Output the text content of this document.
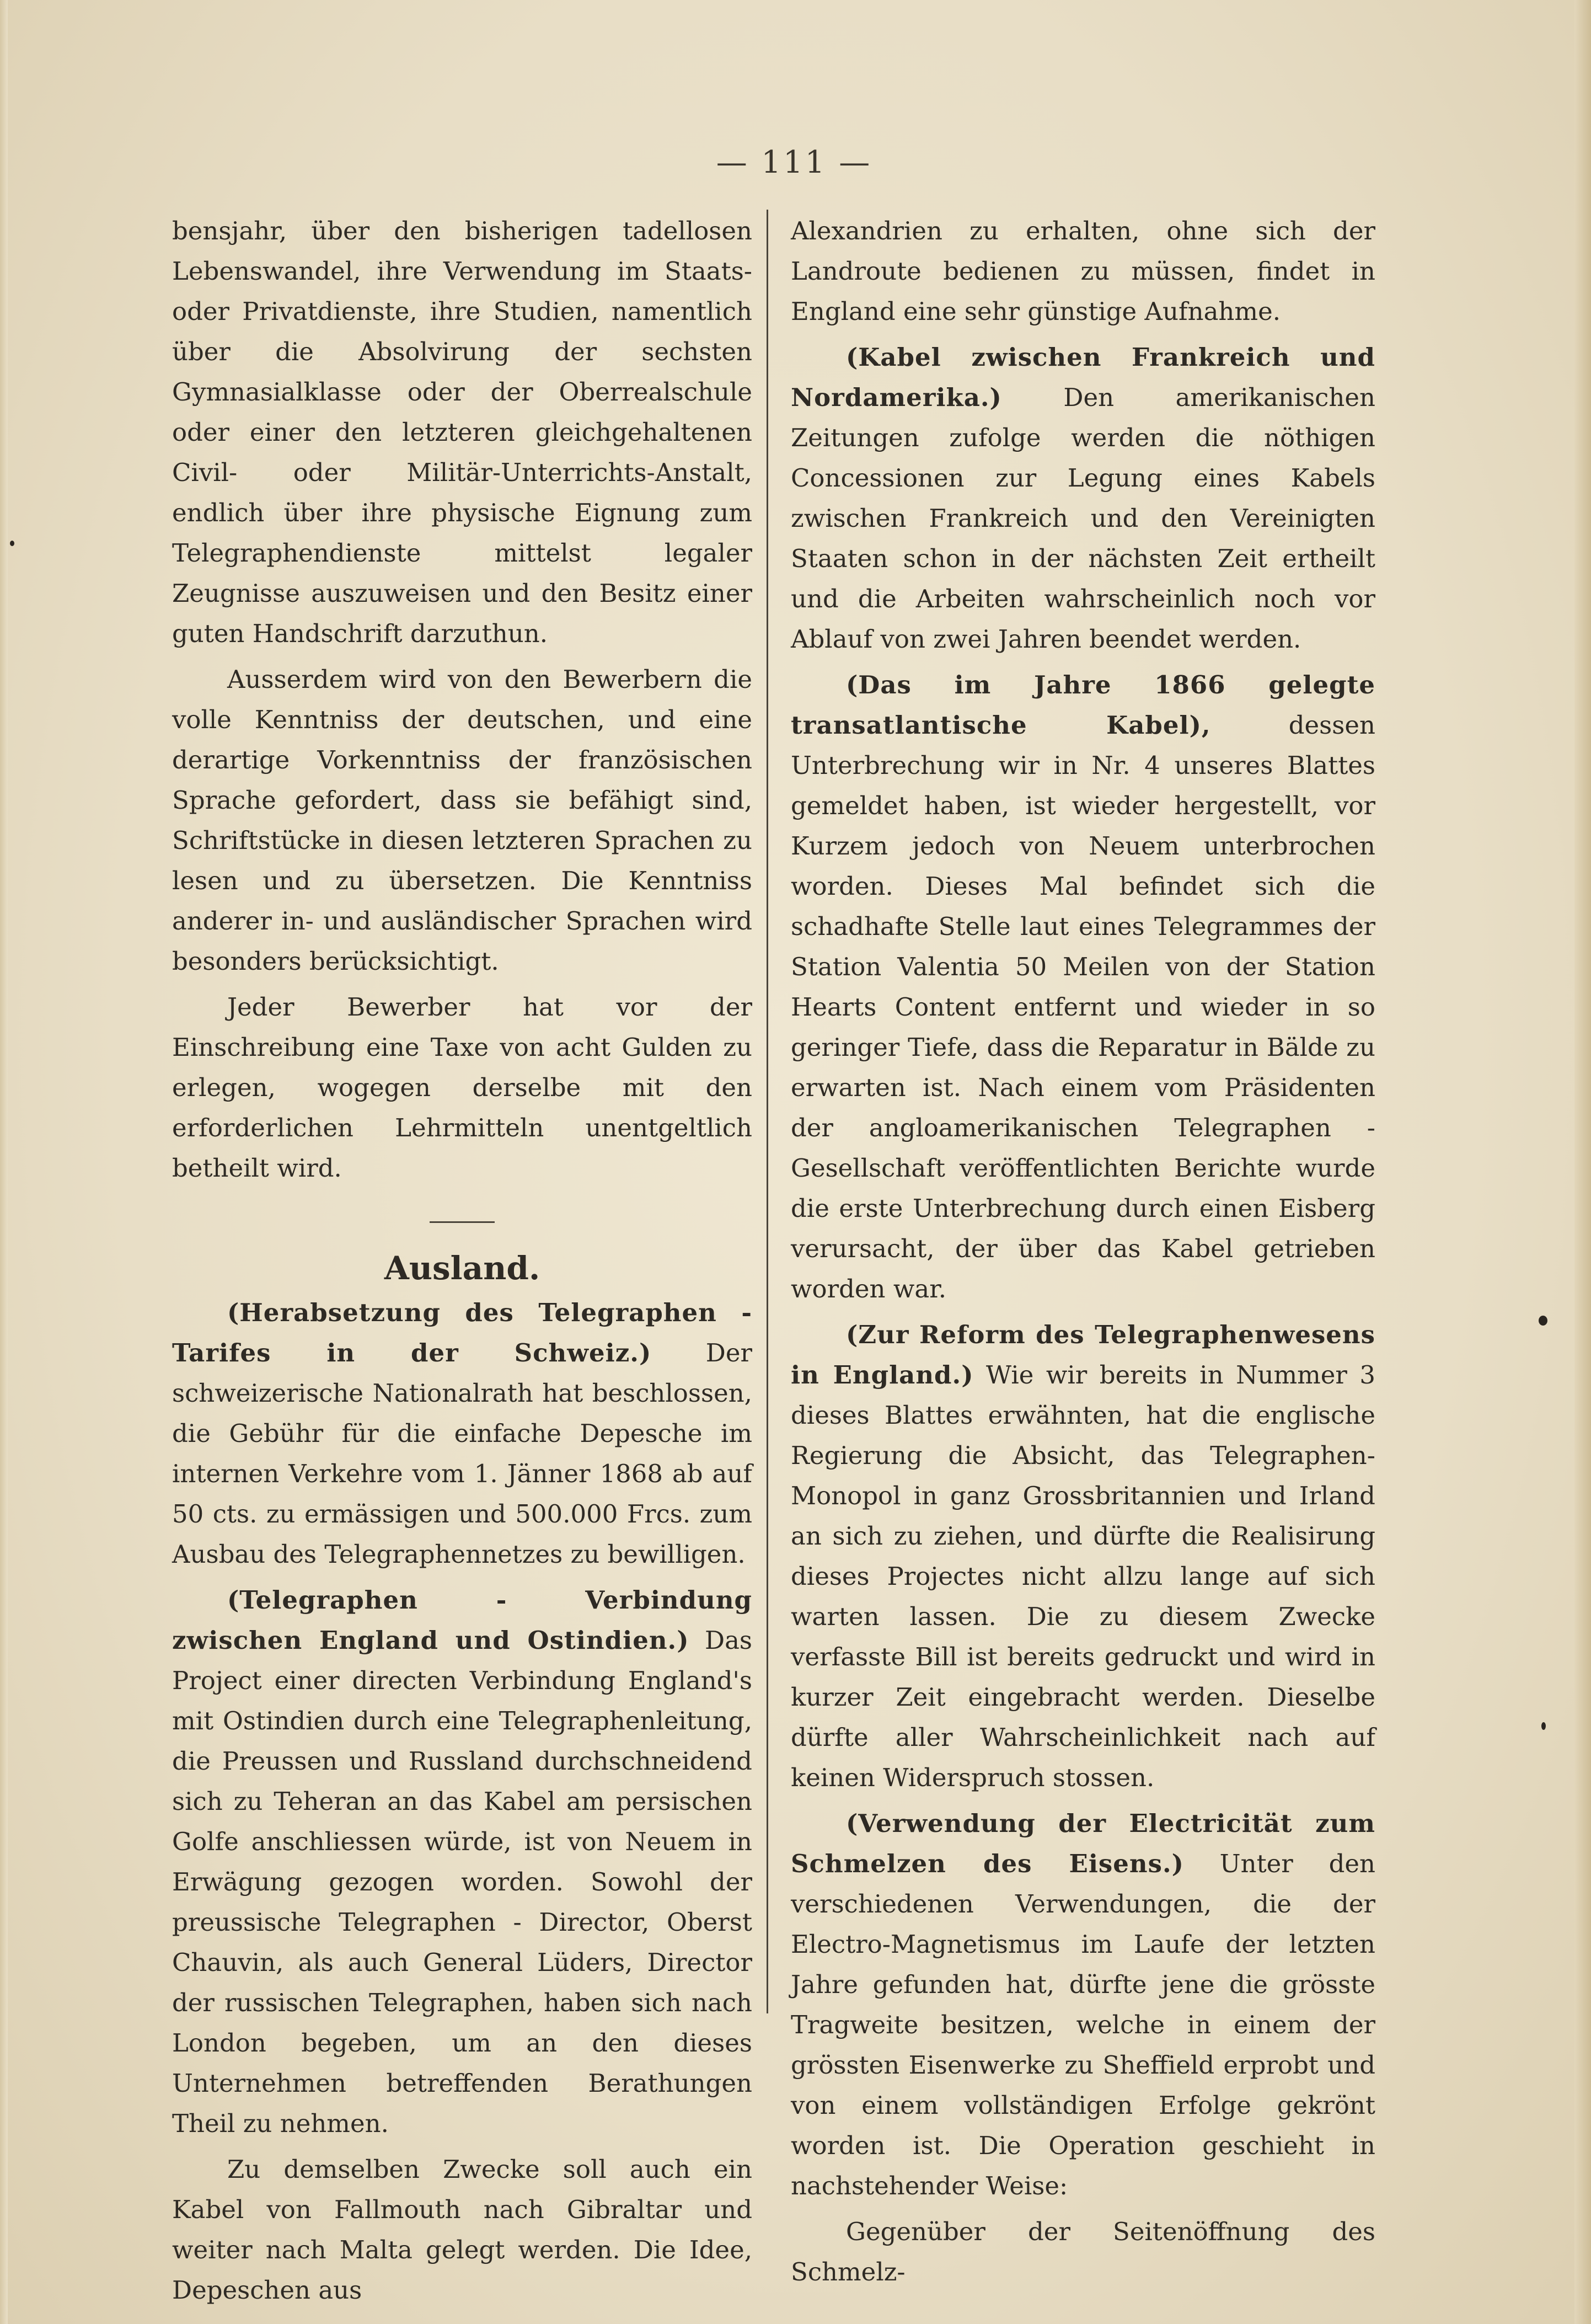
— 111 —

bensjahr, über den bisherigen tadellosen Lebenswandel, ihre Verwendung im Staats- oder Privatdienste, ihre Studien, namentlich über die Absolvirung der sechsten Gymnasialklasse oder der Oberrealschule oder einer den letzteren gleichgehaltenen Civil- oder Militär-Unterrichts-Anstalt, endlich über ihre physische Eignung zum Telegraphendienste mittelst legaler Zeugnisse auszuweisen und den Besitz einer guten Handschrift darzuthun.

Ausserdem wird von den Bewerbern die volle Kenntniss der deutschen, und eine derartige Vorkenntniss der französischen Sprache gefordert, dass sie befähigt sind, Schriftstücke in diesen letzteren Sprachen zu lesen und zu übersetzen. Die Kenntniss anderer in- und ausländischer Sprachen wird besonders berücksichtigt.

Jeder Bewerber hat vor der Einschreibung eine Taxe von acht Gulden zu erlegen, wogegen derselbe mit den erforderlichen Lehrmitteln unentgeltlich betheilt wird.

Ausland.

(Herabsetzung des Telegraphen - Tarifes in der Schweiz.) Der schweizerische Nationalrath hat beschlossen, die Gebühr für die einfache Depesche im internen Verkehre vom 1. Jänner 1868 ab auf 50 cts. zu ermässigen und 500.000 Frcs. zum Ausbau des Telegraphennetzes zu bewilligen.

(Telegraphen - Verbindung zwischen England und Ostindien.) Das Project einer directen Verbindung England's mit Ostindien durch eine Telegraphenleitung, die Preussen und Russland durchschneidend sich zu Teheran an das Kabel am persischen Golfe anschliessen würde, ist von Neuem in Erwägung gezogen worden. Sowohl der preussische Telegraphen - Director, Oberst Chauvin, als auch General Lüders, Director der russischen Telegraphen, haben sich nach London begeben, um an den dieses Unternehmen betreffenden Berathungen Theil zu nehmen.

Zu demselben Zwecke soll auch ein Kabel von Fallmouth nach Gibraltar und weiter nach Malta gelegt werden. Die Idee, Depeschen aus

Alexandrien zu erhalten, ohne sich der Landroute bedienen zu müssen, findet in England eine sehr günstige Aufnahme.

(Kabel zwischen Frankreich und Nordamerika.) Den amerikanischen Zeitungen zufolge werden die nöthigen Concessionen zur Legung eines Kabels zwischen Frankreich und den Vereinigten Staaten schon in der nächsten Zeit ertheilt und die Arbeiten wahrscheinlich noch vor Ablauf von zwei Jahren beendet werden.

(Das im Jahre 1866 gelegte transatlantische Kabel),	dessen Unterbrechung wir in Nr. 4 unseres Blattes gemeldet haben, ist wieder hergestellt, vor Kurzem jedoch von Neuem unterbrochen worden. Dieses Mal befindet sich die schadhafte Stelle laut eines Telegrammes der Station Valentia 50 Meilen von der Station Hearts Content entfernt und wieder in so geringer Tiefe, dass die Reparatur in Bälde zu erwarten ist. Nach einem vom Präsidenten der angloamerikanischen Telegraphen - Gesellschaft veröffentlichten Berichte wurde die erste Unterbrechung durch einen Eisberg verursacht, der über das Kabel getrieben worden war.

(Zur Reform des Telegraphenwesens in England.) Wie wir bereits in Nummer 3 dieses Blattes erwähnten, hat die englische Regierung die Absicht, das Telegraphen-Monopol in ganz Grossbritannien und Irland an sich zu ziehen, und dürfte die Realisirung dieses Projectes nicht allzu lange auf sich warten lassen. Die zu diesem Zwecke verfasste Bill ist bereits gedruckt und wird in kurzer Zeit eingebracht werden. Dieselbe dürfte aller Wahrscheinlichkeit nach auf keinen Widerspruch stossen.

(Verwendung der Electricität zum Schmelzen des Eisens.) Unter den verschiedenen Verwendungen, die der Electro-Magnetismus im Laufe der letzten Jahre gefunden hat, dürfte jene die grösste Tragweite besitzen, welche in einem der grössten Eisenwerke zu Sheffield erprobt und von einem vollständigen Erfolge gekrönt worden ist. Die Operation geschieht in nachstehender Weise:

Gegenüber der Seitenöffnung des Schmelz-
